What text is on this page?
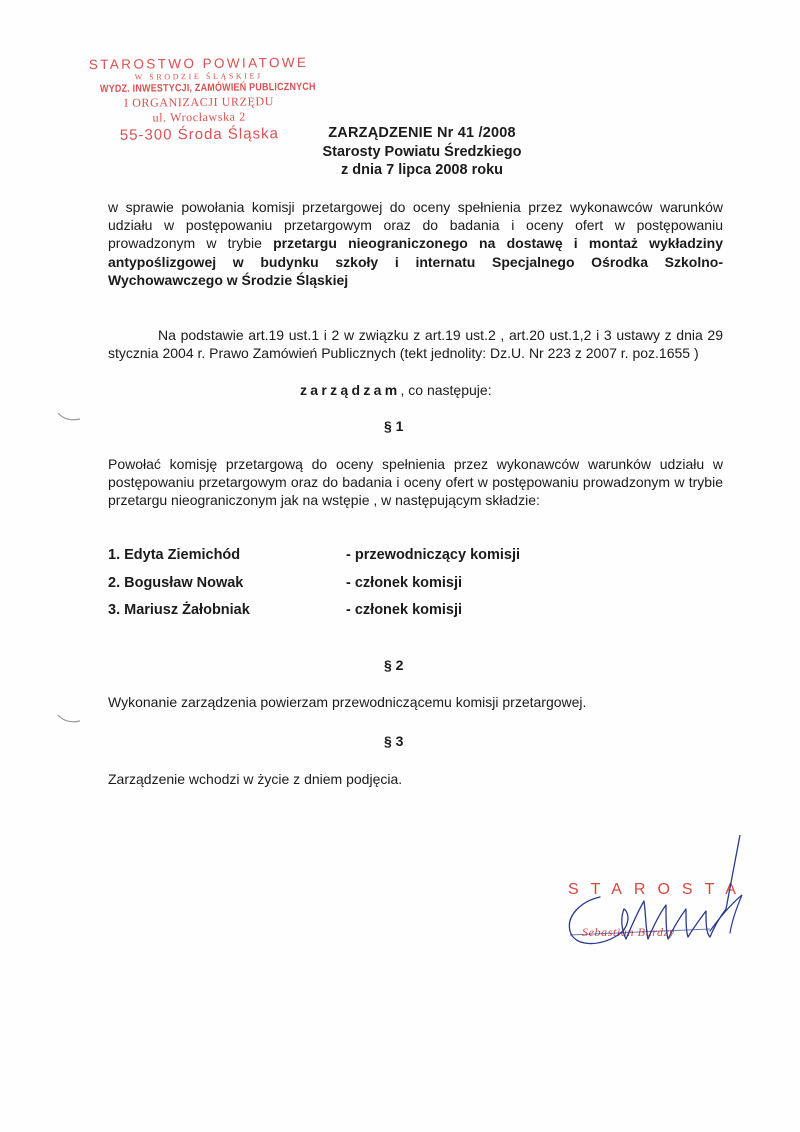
STAROSTWO POWIATOWE
W ŚRODZIE ŚLĄSKIEJ
WYDZ. INWESTYCJI, ZAMÓWIEŃ PUBLICZNYCH
I ORGANIZACJI URZĘDU
ul. Wrocławska 2
55-300 Środa Śląska	ZARZĄDZENIE Nr 41 /2008
Starosty Powiatu Średzkiego
z dnia 7 lipca 2008 roku

w sprawie powołania komisji przetargowej do oceny spełnienia przez wykonawców warunków udziału w postępowaniu przetargowym oraz do badania i oceny ofert w postępowaniu prowadzonym w trybie przetargu nieograniczonego na dostawę i montaż wykładziny antypoślizgowej w budynku szkoły i internatu Specjalnego Ośrodka Szkolno-Wychowawczego w Środzie Śląskiej

Na podstawie art.19 ust.1 i 2 w związku z art.19 ust.2 , art.20 ust.1,2 i 3 ustawy z dnia 29 stycznia 2004 r. Prawo Zamówień Publicznych (tekt jednolity: Dz.U. Nr 223 z 2007 r. poz.1655 )

zarządzam, co następuje:
§ 1

Powołać komisję przetargową do oceny spełnienia przez wykonawców warunków udziału w postępowaniu przetargowym oraz do badania i oceny ofert w postępowaniu prowadzonym w trybie przetargu nieograniczonym jak na wstępie , w następującym składzie:

1. Edyta Ziemichód	- przewodniczący komisji
2. Bogusław Nowak	- członek komisji
3. Mariusz Żałobniak	- członek komisji
§ 2
Wykonanie zarządzenia powierzam przewodniczącemu komisji przetargowej.
§ 3
Zarządzenie wchodzi w życie z dniem podjęcia.
STAROSTA
Sebastian Burdzy
